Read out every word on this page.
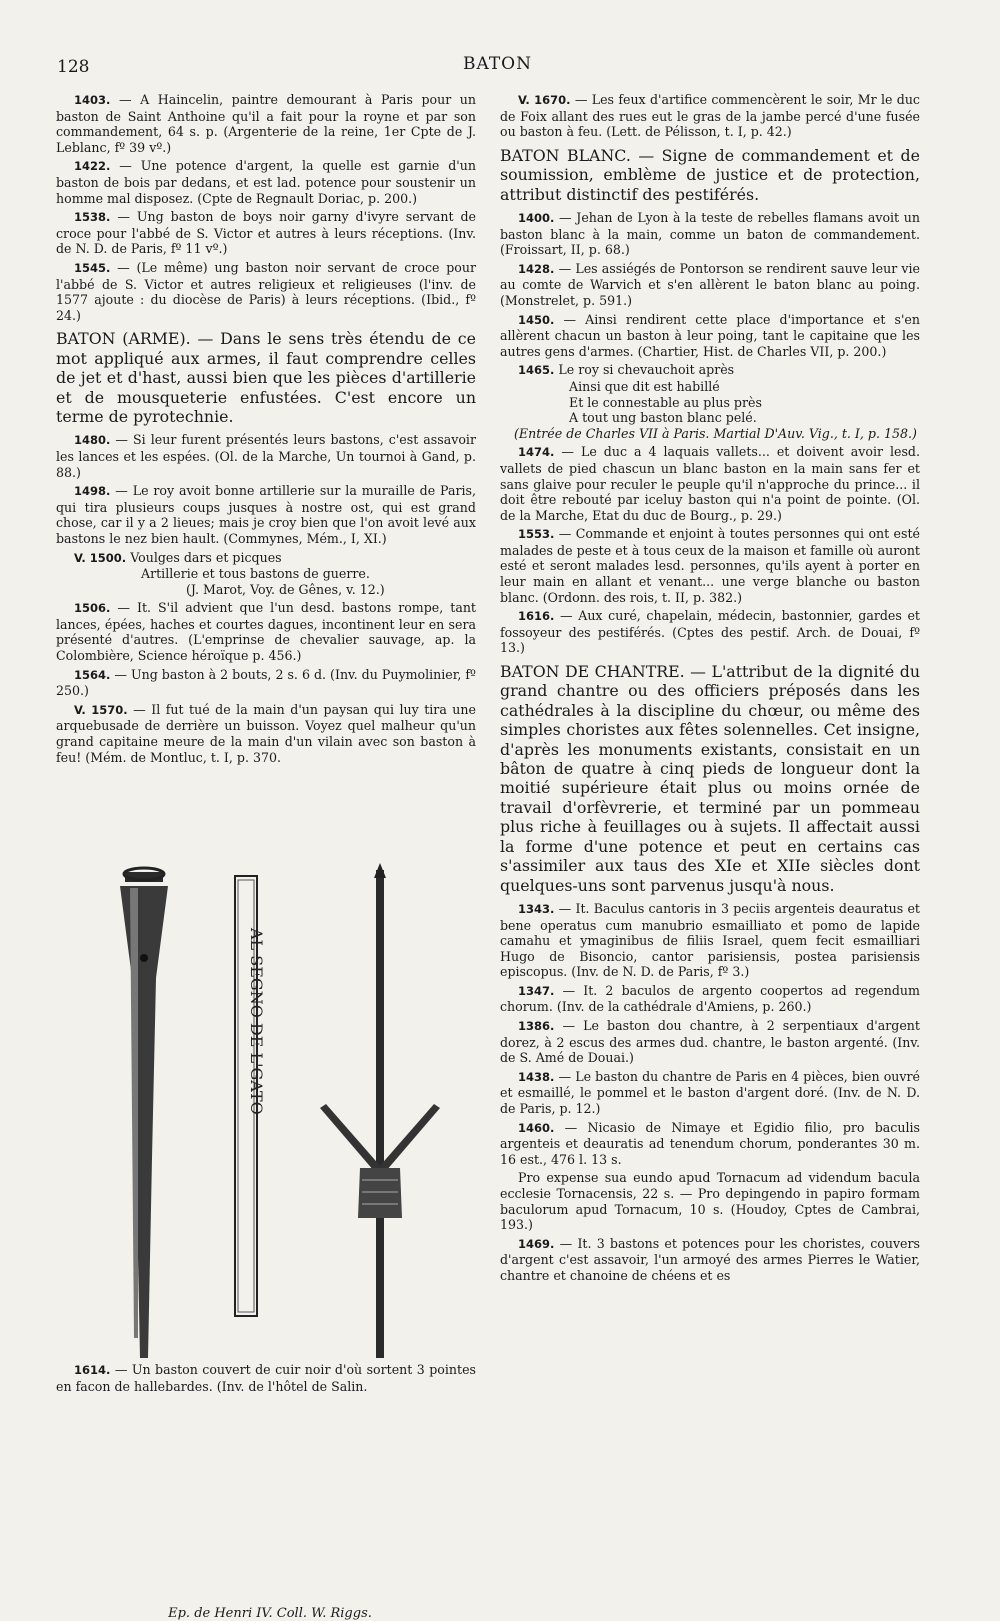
128	BATON

1403. — A Haincelin, paintre demourant à Paris pour un baston de Saint Anthoine qu'il a fait pour la royne et par son commandement, 64 s. p. (Argenterie de la reine, 1er Cpte de J. Leblanc, fº 39 vº.)

1422. — Une potence d'argent, la quelle est garnie d'un baston de bois par dedans, et est lad. potence pour soustenir un homme mal disposez. (Cpte de Regnault Doriac, p. 200.)

1538. — Ung baston de boys noir garny d'ivyre servant de croce pour l'abbé de S. Victor et autres à leurs réceptions. (Inv. de N. D. de Paris, fº 11 vº.)

1545. — (Le même) ung baston noir servant de croce pour l'abbé de S. Victor et autres religieux et religieuses (l'inv. de 1577 ajoute : du diocèse de Paris) à leurs réceptions. (Ibid., fº 24.)

BATON (ARME). — Dans le sens très étendu de ce mot appliqué aux armes, il faut comprendre celles de jet et d'hast, aussi bien que les pièces d'artillerie et de mousqueterie enfustées. C'est encore un terme de pyrotechnie.

1480. — Si leur furent présentés leurs bastons, c'est assavoir les lances et les espées. (Ol. de la Marche, Un tournoi à Gand, p. 88.)

1498. — Le roy avoit bonne artillerie sur la muraille de Paris, qui tira plusieurs coups jusques à nostre ost, qui est grand chose, car il y a 2 lieues; mais je croy bien que l'on avoit levé aux bastons le nez bien hault. (Commynes, Mém., I, XI.)

V. 1500. Voulges dars et picques
Artillerie et tous bastons de guerre.
(J. Marot, Voy. de Gênes, v. 12.)

1506. — It. S'il advient que l'un desd. bastons rompe, tant lances, épées, haches et courtes dagues, incontinent leur en sera présenté d'autres. (L'emprinse de chevalier sauvage, ap. la Colombière, Science héroïque p. 456.)

1564. — Ung baston à 2 bouts, 2 s. 6 d. (Inv. du Puymolinier, fº 250.)

V. 1570. — Il fut tué de la main d'un paysan qui luy tira une arquebusade de derrière un buisson. Voyez quel malheur qu'un grand capitaine meure de la main d'un vilain avec son baston à feu! (Mém. de Montluc, t. I, p. 370.

AL SEGNO DE L'GATO
Ep. de Henri IV. Coll. W. Riggs.

1614. — Un baston couvert de cuir noir d'où sortent 3 pointes en facon de hallebardes. (Inv. de l'hôtel de Salin.

V. 1670. — Les feux d'artifice commencèrent le soir, Mr le duc de Foix allant des rues eut le gras de la jambe percé d'une fusée ou baston à feu. (Lett. de Pélisson, t. I, p. 42.)

BATON BLANC. — Signe de commandement et de soumission, emblème de justice et de protection, attribut distinctif des pestiférés.

1400. — Jehan de Lyon à la teste de rebelles flamans avoit un baston blanc à la main, comme un baton de commandement. (Froissart, II, p. 68.)

1428. — Les assiégés de Pontorson se rendirent sauve leur vie au comte de Warvich et s'en allèrent le baton blanc au poing. (Monstrelet, p. 591.)

1450. — Ainsi rendirent cette place d'importance et s'en allèrent chacun un baston à leur poing, tant le capitaine que les autres gens d'armes. (Chartier, Hist. de Charles VII, p. 200.)

1465. Le roy si chevauchoit après
Ainsi que dit est habillé
Et le connestable au plus près
A tout ung baston blanc pelé.
(Entrée de Charles VII à Paris. Martial D'Auv. Vig., t. I, p. 158.)

1474. — Le duc a 4 laquais vallets... et doivent avoir lesd. vallets de pied chascun un blanc baston en la main sans fer et sans glaive pour reculer le peuple qu'il n'approche du prince... il doit être rebouté par iceluy baston qui n'a point de pointe. (Ol. de la Marche, Etat du duc de Bourg., p. 29.)

1553. — Commande et enjoint à toutes personnes qui ont esté malades de peste et à tous ceux de la maison et famille où auront esté et seront malades lesd. personnes, qu'ils ayent à porter en leur main en allant et venant... une verge blanche ou baston blanc. (Ordonn. des rois, t. II, p. 382.)

1616. — Aux curé, chapelain, médecin, bastonnier, gardes et fossoyeur des pestiférés. (Cptes des pestif. Arch. de Douai, fº 13.)

BATON DE CHANTRE. — L'attribut de la dignité du grand chantre ou des officiers préposés dans les cathédrales à la discipline du chœur, ou même des simples choristes aux fêtes solennelles. Cet insigne, d'après les monuments existants, consistait en un bâton de quatre à cinq pieds de longueur dont la moitié supérieure était plus ou moins ornée de travail d'orfèvrerie, et terminé par un pommeau plus riche à feuillages ou à sujets. Il affectait aussi la forme d'une potence et peut en certains cas s'assimiler aux taus des XIe et XIIe siècles dont quelques-uns sont parvenus jusqu'à nous.

1343. — It. Baculus cantoris in 3 peciis argenteis deauratus et bene operatus cum manubrio esmailliato et pomo de lapide camahu et ymaginibus de filiis Israel, quem fecit esmailliari Hugo de Bisoncio, cantor parisiensis, postea parisiensis episcopus. (Inv. de N. D. de Paris, fº 3.)

1347. — It. 2 baculos de argento coopertos ad regendum chorum. (Inv. de la cathédrale d'Amiens, p. 260.)

1386. — Le baston dou chantre, à 2 serpentiaux d'argent dorez, à 2 escus des armes dud. chantre, le baston argenté. (Inv. de S. Amé de Douai.)

1438. — Le baston du chantre de Paris en 4 pièces, bien ouvré et esmaillé, le pommel et le baston d'argent doré. (Inv. de N. D. de Paris, p. 12.)

1460. — Nicasio de Nimaye et Egidio filio, pro baculis argenteis et deauratis ad tenendum chorum, ponderantes 30 m. 16 est., 476 l. 13 s.

Pro expense sua eundo apud Tornacum ad videndum bacula ecclesie Tornacensis, 22 s. — Pro depingendo in papiro formam baculorum apud Tornacum, 10 s. (Houdoy, Cptes de Cambrai, 193.)

1469. — It. 3 bastons et potences pour les choristes, couvers d'argent c'est assavoir, l'un armoyé des armes Pierres le Watier, chantre et chanoine de chéens et es
